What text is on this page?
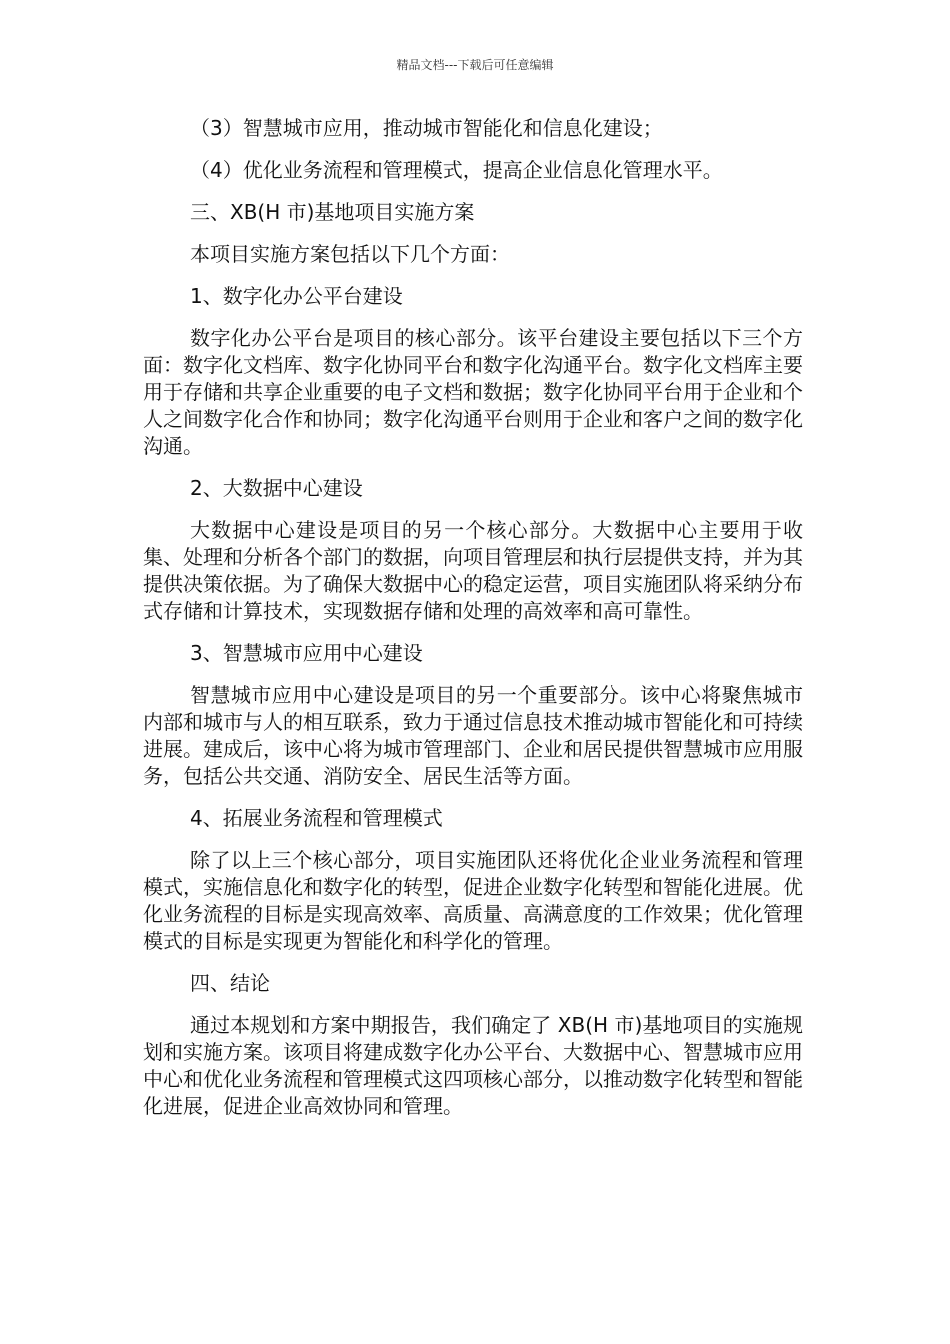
精品文档---下载后可任意编辑

（3）智慧城市应用，推动城市智能化和信息化建设；

（4）优化业务流程和管理模式，提高企业信息化管理水平。

三、XB(H 市)基地项目实施方案

本项目实施方案包括以下几个方面：

1、数字化办公平台建设

数字化办公平台是项目的核心部分。该平台建设主要包括以下三个方面：数字化文档库、数字化协同平台和数字化沟通平台。数字化文档库主要用于存储和共享企业重要的电子文档和数据；数字化协同平台用于企业和个人之间数字化合作和协同；数字化沟通平台则用于企业和客户之间的数字化沟通。

2、大数据中心建设

大数据中心建设是项目的另一个核心部分。大数据中心主要用于收集、处理和分析各个部门的数据，向项目管理层和执行层提供支持，并为其提供决策依据。为了确保大数据中心的稳定运营，项目实施团队将采纳分布式存储和计算技术，实现数据存储和处理的高效率和高可靠性。

3、智慧城市应用中心建设

智慧城市应用中心建设是项目的另一个重要部分。该中心将聚焦城市内部和城市与人的相互联系，致力于通过信息技术推动城市智能化和可持续进展。建成后，该中心将为城市管理部门、企业和居民提供智慧城市应用服务，包括公共交通、消防安全、居民生活等方面。

4、拓展业务流程和管理模式

除了以上三个核心部分，项目实施团队还将优化企业业务流程和管理模式，实施信息化和数字化的转型，促进企业数字化转型和智能化进展。优化业务流程的目标是实现高效率、高质量、高满意度的工作效果；优化管理模式的目标是实现更为智能化和科学化的管理。

四、结论

通过本规划和方案中期报告，我们确定了 XB(H 市)基地项目的实施规划和实施方案。该项目将建成数字化办公平台、大数据中心、智慧城市应用中心和优化业务流程和管理模式这四项核心部分，以推动数字化转型和智能化进展，促进企业高效协同和管理。
